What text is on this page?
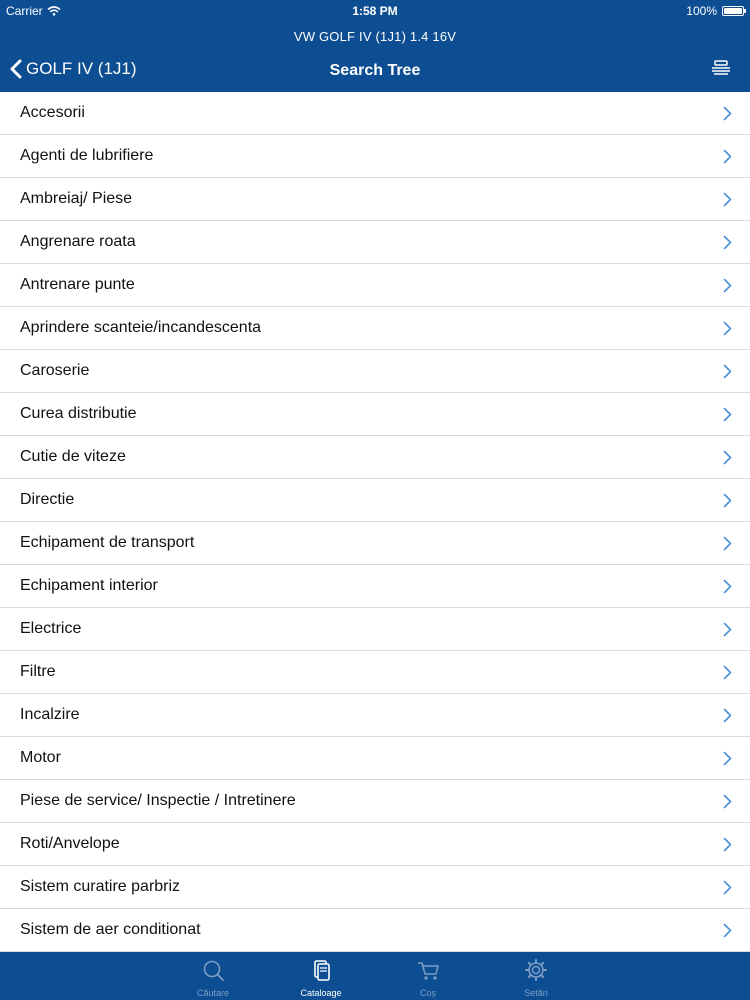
Carrier	1:58 PM	100%
VW GOLF IV (1J1) 1.4 16V
GOLF IV (1J1)	Search Tree
Accesorii
Agenti de lubrifiere
Ambreiaj/ Piese
Angrenare roata
Antrenare punte
Aprindere scanteie/incandescenta
Caroserie
Curea distributie
Cutie de viteze
Directie
Echipament de transport
Echipament interior
Electrice
Filtre
Incalzire
Motor
Piese de service/ Inspectie / Intretinere
Roti/Anvelope
Sistem curatire parbriz
Sistem de aer conditionat
Căutare	Cataloage	Coș	Setări
